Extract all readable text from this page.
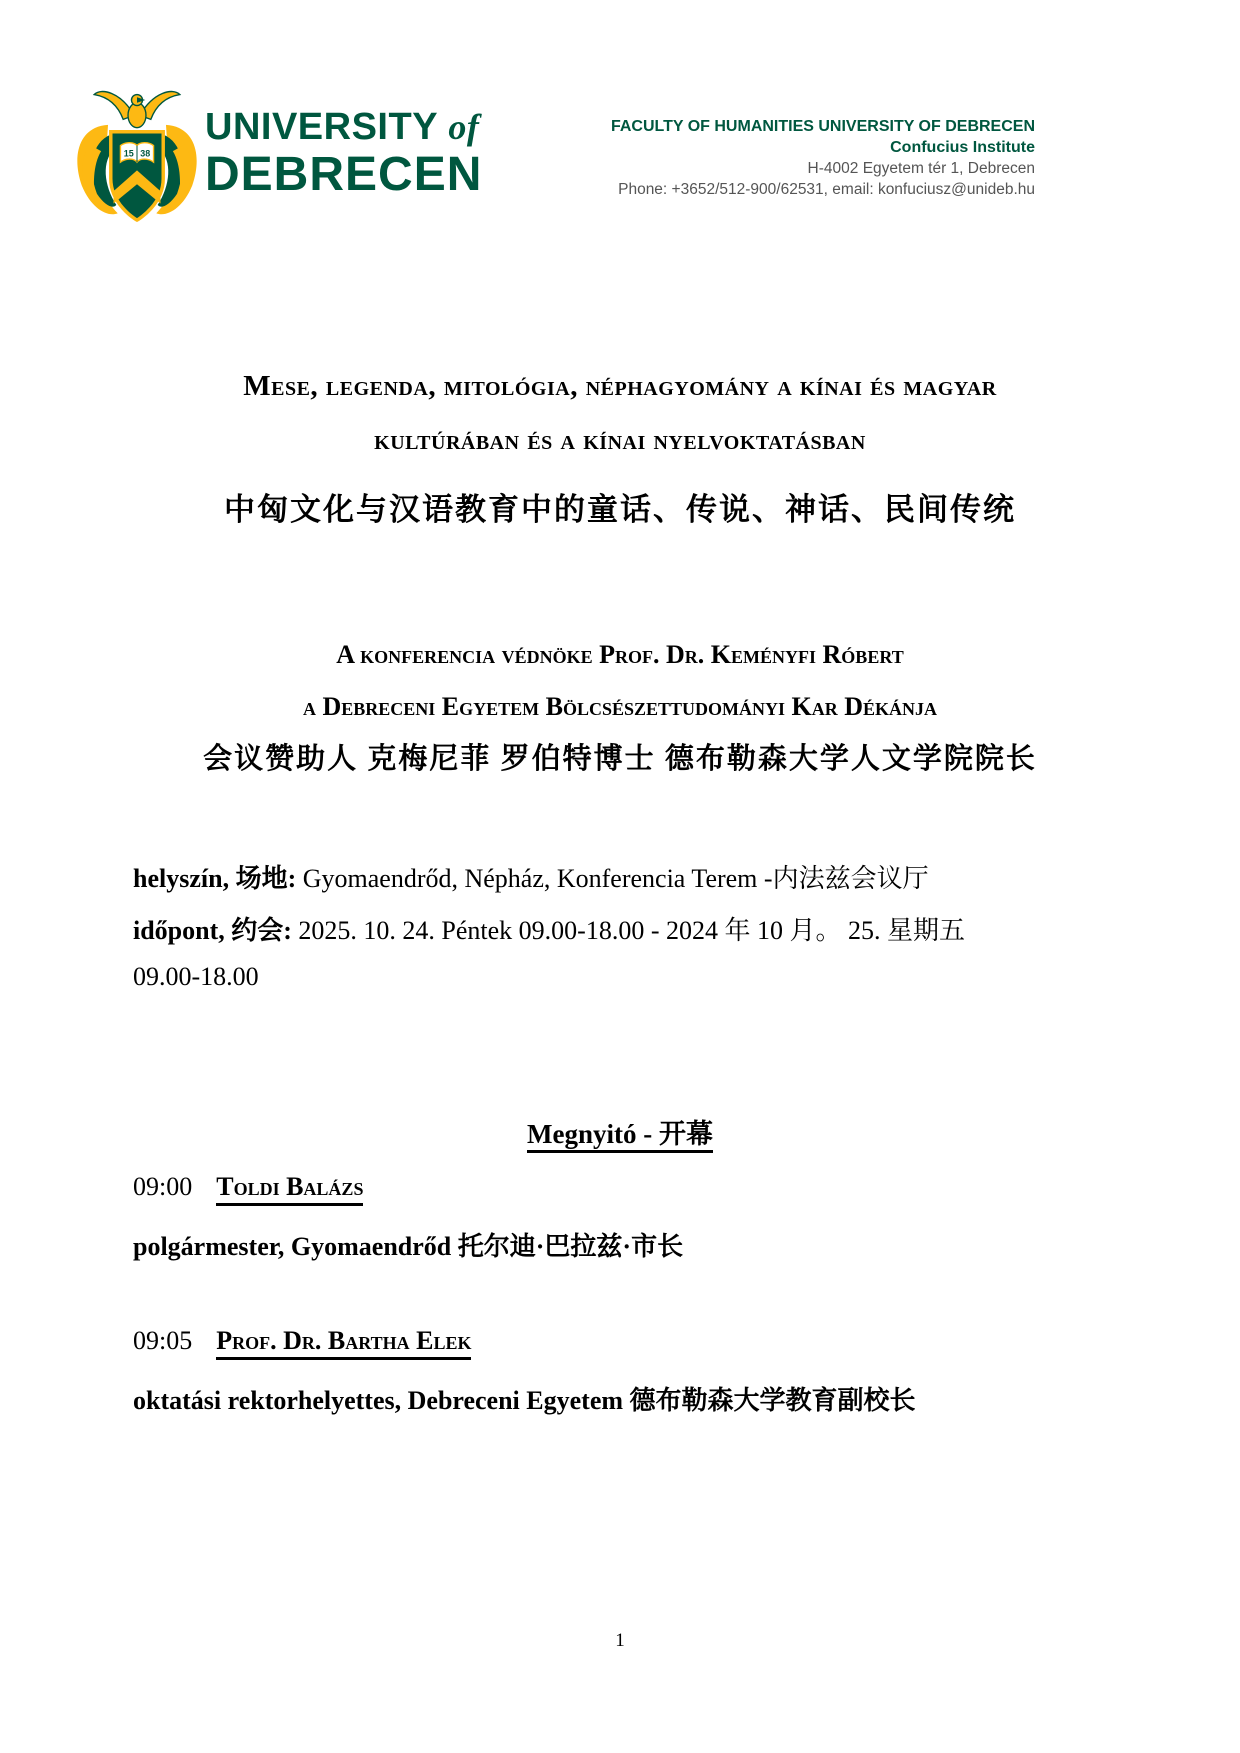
15 38
UNIVERSITY of
DEBRECEN
FACULTY OF HUMANITIES UNIVERSITY OF DEBRECEN
Confucius Institute
H-4002 Egyetem tér 1, Debrecen
Phone: +3652/512-900/62531, email: konfuciusz@unideb.hu
Mese, legenda, mitológia, néphagyomány a kínai és magyar
kultúrában és a kínai nyelvoktatásban
中匈文化与汉语教育中的童话、传说、神话、民间传统
A konferencia védnöke Prof. Dr. Keményfi Róbert
a Debreceni Egyetem Bölcsészettudományi Kar Dékánja
会议赞助人 克梅尼菲 罗伯特博士 德布勒森大学人文学院院长
helyszín, 场地: Gyomaendrőd, Népház, Konferencia Terem -内法兹会议厅
időpont, 约会: 2025. 10. 24. Péntek 09.00-18.00 - 2024 年 10 月。 25. 星期五
09.00-18.00
Megnyitó - 开幕
09:00 Toldi Balázs
polgármester, Gyomaendrőd 托尔迪·巴拉兹·市长
09:05 Prof. Dr. Bartha Elek
oktatási rektorhelyettes, Debreceni Egyetem 德布勒森大学教育副校长
1
